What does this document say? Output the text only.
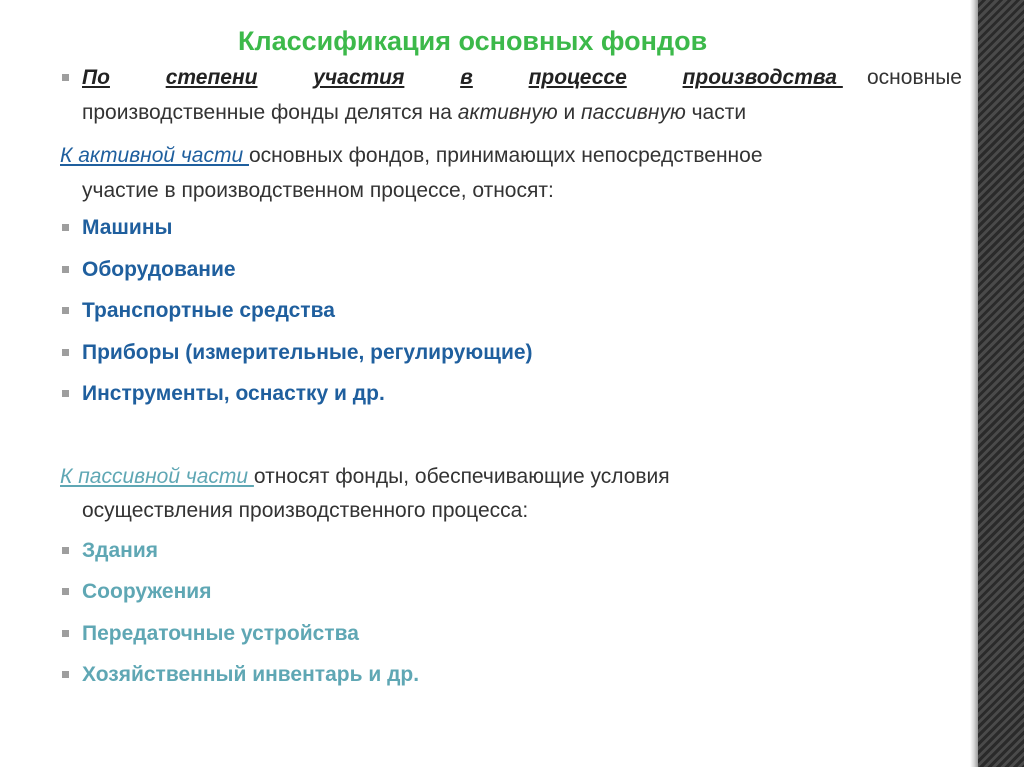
Классификация основных фондов
По	степени	участия	в	процессе	производства основные
производственные фонды делятся на активную и пассивную части
К активной части основных фондов, принимающих непосредственное
участие в производственном процессе, относят:
Машины
Оборудование
Транспортные средства
Приборы (измерительные, регулирующие)
Инструменты, оснастку и др.
К пассивной части относят фонды, обеспечивающие условия
осуществления производственного процесса:
Здания
Сооружения
Передаточные устройства
Хозяйственный инвентарь и др.
